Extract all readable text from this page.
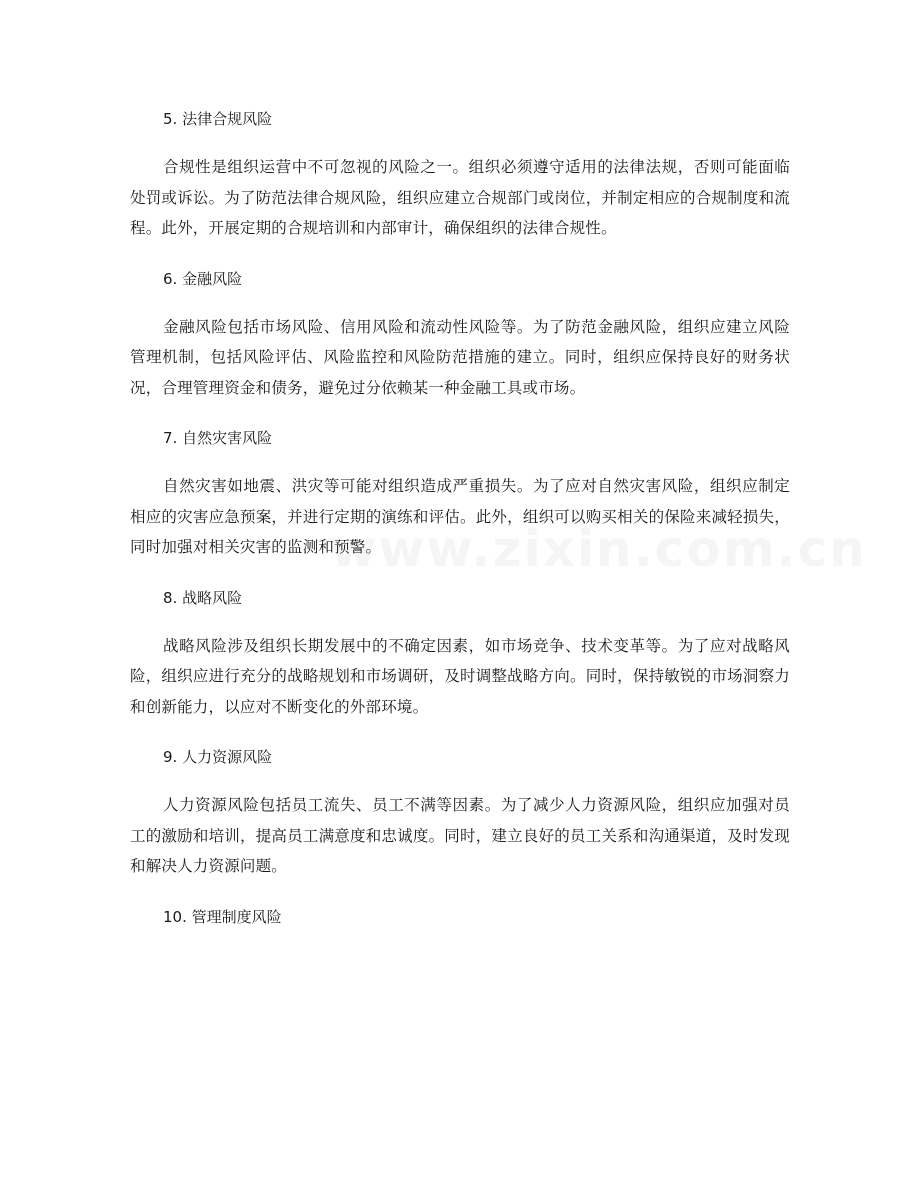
www.zixin.com.cn

5. 法律合规风险

合规性是组织运营中不可忽视的风险之一。组织必须遵守适用的法律法规，否则可能面临处罚或诉讼。为了防范法律合规风险，组织应建立合规部门或岗位，并制定相应的合规制度和流程。此外，开展定期的合规培训和内部审计，确保组织的法律合规性。

6. 金融风险

金融风险包括市场风险、信用风险和流动性风险等。为了防范金融风险，组织应建立风险管理机制，包括风险评估、风险监控和风险防范措施的建立。同时，组织应保持良好的财务状况，合理管理资金和债务，避免过分依赖某一种金融工具或市场。

7. 自然灾害风险

自然灾害如地震、洪灾等可能对组织造成严重损失。为了应对自然灾害风险，组织应制定相应的灾害应急预案，并进行定期的演练和评估。此外，组织可以购买相关的保险来减轻损失，同时加强对相关灾害的监测和预警。

8. 战略风险

战略风险涉及组织长期发展中的不确定因素，如市场竞争、技术变革等。为了应对战略风险，组织应进行充分的战略规划和市场调研，及时调整战略方向。同时，保持敏锐的市场洞察力和创新能力，以应对不断变化的外部环境。

9. 人力资源风险

人力资源风险包括员工流失、员工不满等因素。为了减少人力资源风险，组织应加强对员工的激励和培训，提高员工满意度和忠诚度。同时，建立良好的员工关系和沟通渠道，及时发现和解决人力资源问题。

10. 管理制度风险
